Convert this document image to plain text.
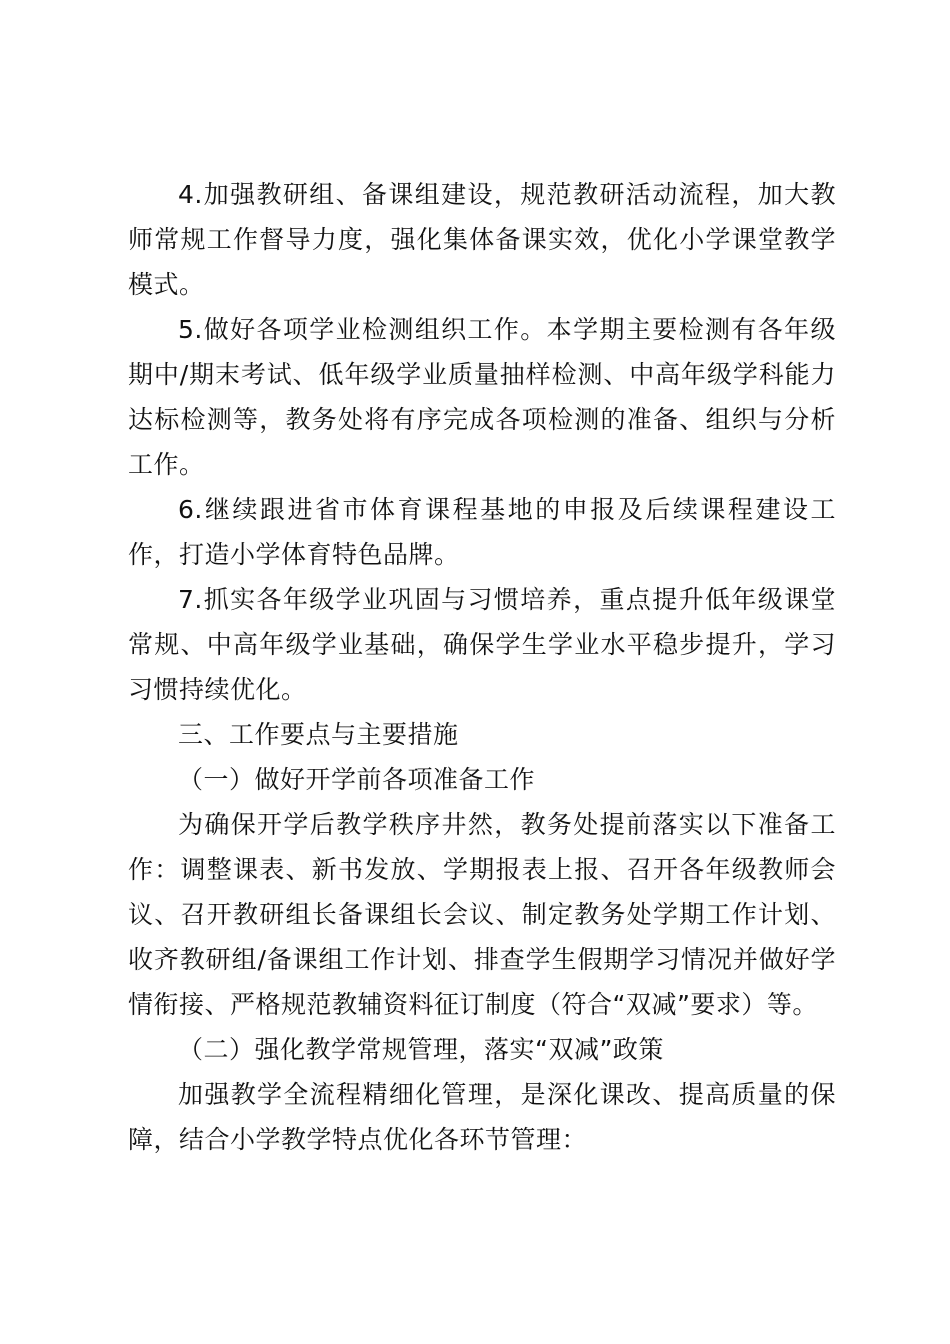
4.加强教研组、备课组建设，规范教研活动流程，加大教师常规工作督导力度，强化集体备课实效，优化小学课堂教学模式。

5.做好各项学业检测组织工作。本学期主要检测有各年级期中/期末考试、低年级学业质量抽样检测、中高年级学科能力达标检测等，教务处将有序完成各项检测的准备、组织与分析工作。

6.继续跟进省市体育课程基地的申报及后续课程建设工作，打造小学体育特色品牌。

7.抓实各年级学业巩固与习惯培养，重点提升低年级课堂常规、中高年级学业基础，确保学生学业水平稳步提升，学习习惯持续优化。

三、工作要点与主要措施

（一）做好开学前各项准备工作

为确保开学后教学秩序井然，教务处提前落实以下准备工作：调整课表、新书发放、学期报表上报、召开各年级教师会议、召开教研组长备课组长会议、制定教务处学期工作计划、收齐教研组/备课组工作计划、排查学生假期学习情况并做好学情衔接、严格规范教辅资料征订制度（符合“双减”要求）等。

（二）强化教学常规管理，落实“双减”政策

加强教学全流程精细化管理，是深化课改、提高质量的保障，结合小学教学特点优化各环节管理：
